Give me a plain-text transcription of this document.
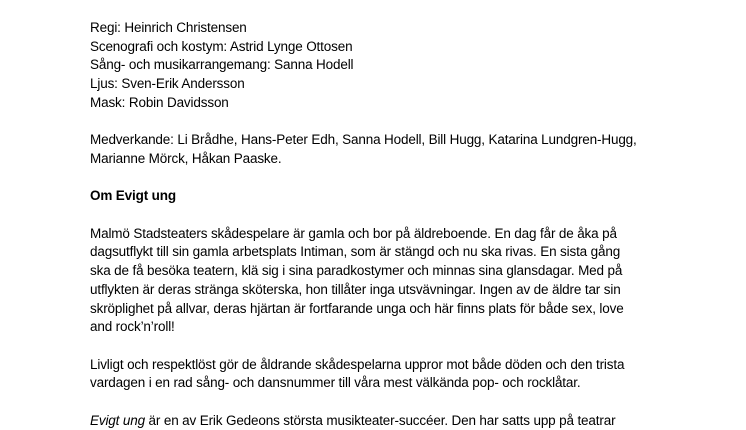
Regi: Heinrich Christensen
Scenografi och kostym: Astrid Lynge Ottosen
Sång- och musikarrangemang: Sanna Hodell
Ljus: Sven-Erik Andersson
Mask: Robin Davidsson
Medverkande: Li Brådhe, Hans-Peter Edh, Sanna Hodell, Bill Hugg, Katarina Lundgren-Hugg,
Marianne Mörck, Håkan Paaske.
Om Evigt ung
Malmö Stadsteaters skådespelare är gamla och bor på äldreboende. En dag får de åka på
dagsutflykt till sin gamla arbetsplats Intiman, som är stängd och nu ska rivas. En sista gång
ska de få besöka teatern, klä sig i sina paradkostymer och minnas sina glansdagar. Med på
utflykten är deras stränga sköterska, hon tillåter inga utsvävningar. Ingen av de äldre tar sin
skröplighet på allvar, deras hjärtan är fortfarande unga och här finns plats för både sex, love
and rock’n’roll!
Livligt och respektlöst gör de åldrande skådespelarna uppror mot både döden och den trista
vardagen i en rad sång- och dansnummer till våra mest välkända pop- och rocklåtar.
Evigt ung är en av Erik Gedeons största musikteater-succéer. Den har satts upp på teatrar
